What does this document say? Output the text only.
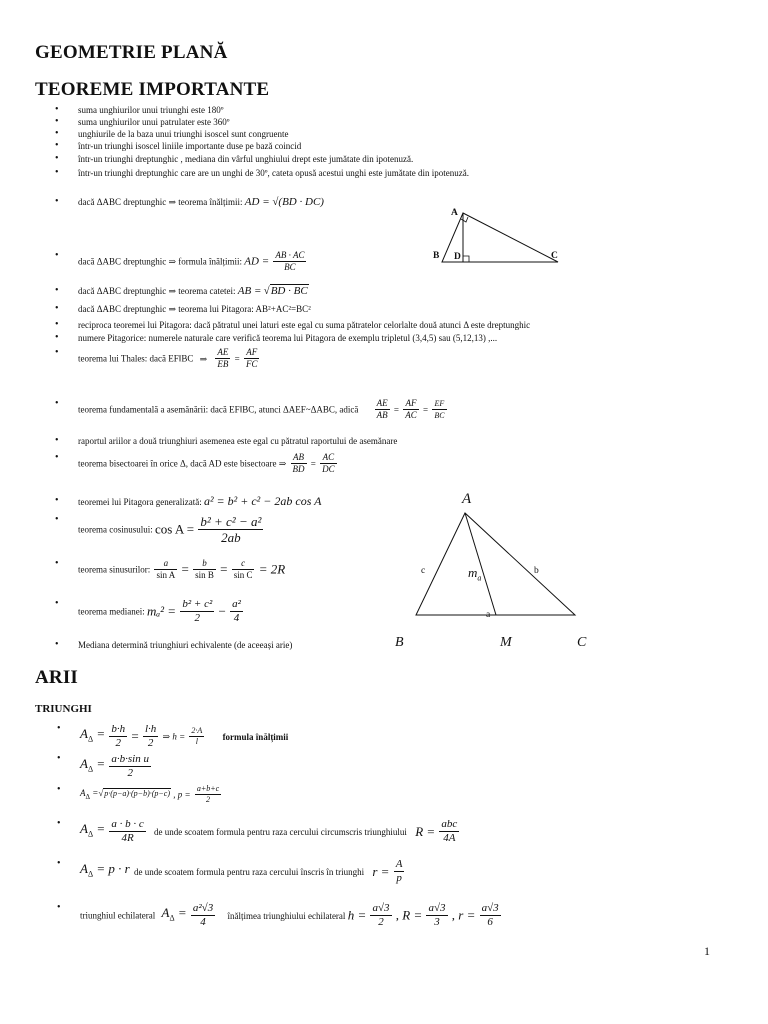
GEOMETRIE PLANĂ
TEOREME IMPORTANTE
• suma unghiurilor unui triunghi este 180º
• suma unghiurilor unui patrulater este 360º
• unghiurile de la baza unui triunghi isoscel sunt congruente
• într-un triunghi isoscel liniile importante duse pe bază coincid
• într-un triunghi dreptunghic , mediana din vârful unghiului drept este jumătate din ipotenuză.
• într-un triunghi dreptunghic care are un unghi de 30º, cateta opusă acestui unghi este jumătate din ipotenuză.
• dacă ΔABC dreptunghic ⇒ teorema înălțimii: AD = √(BD · DC)
A
B D	C
• dacă ΔABC dreptunghic ⇒ formula înălțimii: AD = $\frac{AB \cdot AC}{BC}$
• dacă ΔABC dreptunghic ⇒ teorema catetei: AB = √BD · BC
• dacă ΔABC dreptunghic ⇒ teorema lui Pitagora: AB²+AC²=BC²
• reciproca teoremei lui Pitagora: dacă pătratul unei laturi este egal cu suma pătratelor celorlalte două atunci Δ este dreptunghic
• numere Pitagorice: numerele naturale care verifică teorema lui Pitagora de exemplu tripletul (3,4,5) sau (5,12,13) ,...
• teorema lui Thales: dacă EF‖BC ⇒ $\frac{AE}{EB} = \frac{AF}{FC}$
• teorema fundamentală a asemănării: dacă EF‖BC, atunci ΔAEF~ΔABC, adică $\frac{AE}{AB} = \frac{AF}{AC} = \frac{EF}{BC}$
• raportul ariilor a două triunghiuri asemenea este egal cu pătratul raportului de asemănare
• teorema bisectoarei în orice Δ, dacă AD este bisectoare ⇒ $\frac{AB}{BD} = \frac{AC}{DC}$
• teoremei lui Pitagora generalizată: a² = b² + c² − 2ab cos A
• teorema cosinusului: $\cos A = \frac{\text{b² + c² − a²}}{2ab}$
• teorema sinusurilor: $\frac{a}{\text{sin A}} = \frac{b}{\text{sin B}} = \frac{c}{\text{sin C}} = 2R$
• teorema medianei: $m_a^2 = \frac{\text{b² + c²}}{2} - \frac{\text{a²}}{4}$
• Mediana determină triunghiuri echivalente (de aceeași arie)
A
c	$m_a$
b
a
B	M	C
ARII
TRIUNGHI
• $A_\Delta = \frac{b\cdot h}{2} = \frac{l\cdot h}{2}$ ⇒ $h = \frac{2\cdot A}{l}$ formula înălțimii
• $A_\Delta = \frac{\text{a·b·sin u}}{2}$
• $A_\Delta =√p\cdot(p-a)\cdot(p-b)\cdot(p-c)$ , $p = \frac{a+b+c}{2}$
• $A_\Delta = \frac{a \cdot b \cdot c}{4R}$ de unde scoatem formula pentru raza cercului circumscris triunghiului $R = \frac{\text{abc}}{4A}$
• $A_\Delta = p \cdot r$ de unde scoatem formula pentru raza cercului înscris în triunghi $r = \frac{A}{p}$
• triunghiul echilateral $A_\Delta = \frac{\text{a²√3}}{4}$ înălțimea triunghiului echilateral $h = \frac{a√3}{2}$ , $R = \frac{a√3}{3}$ , $r = \frac{a√3}{6}$
1
